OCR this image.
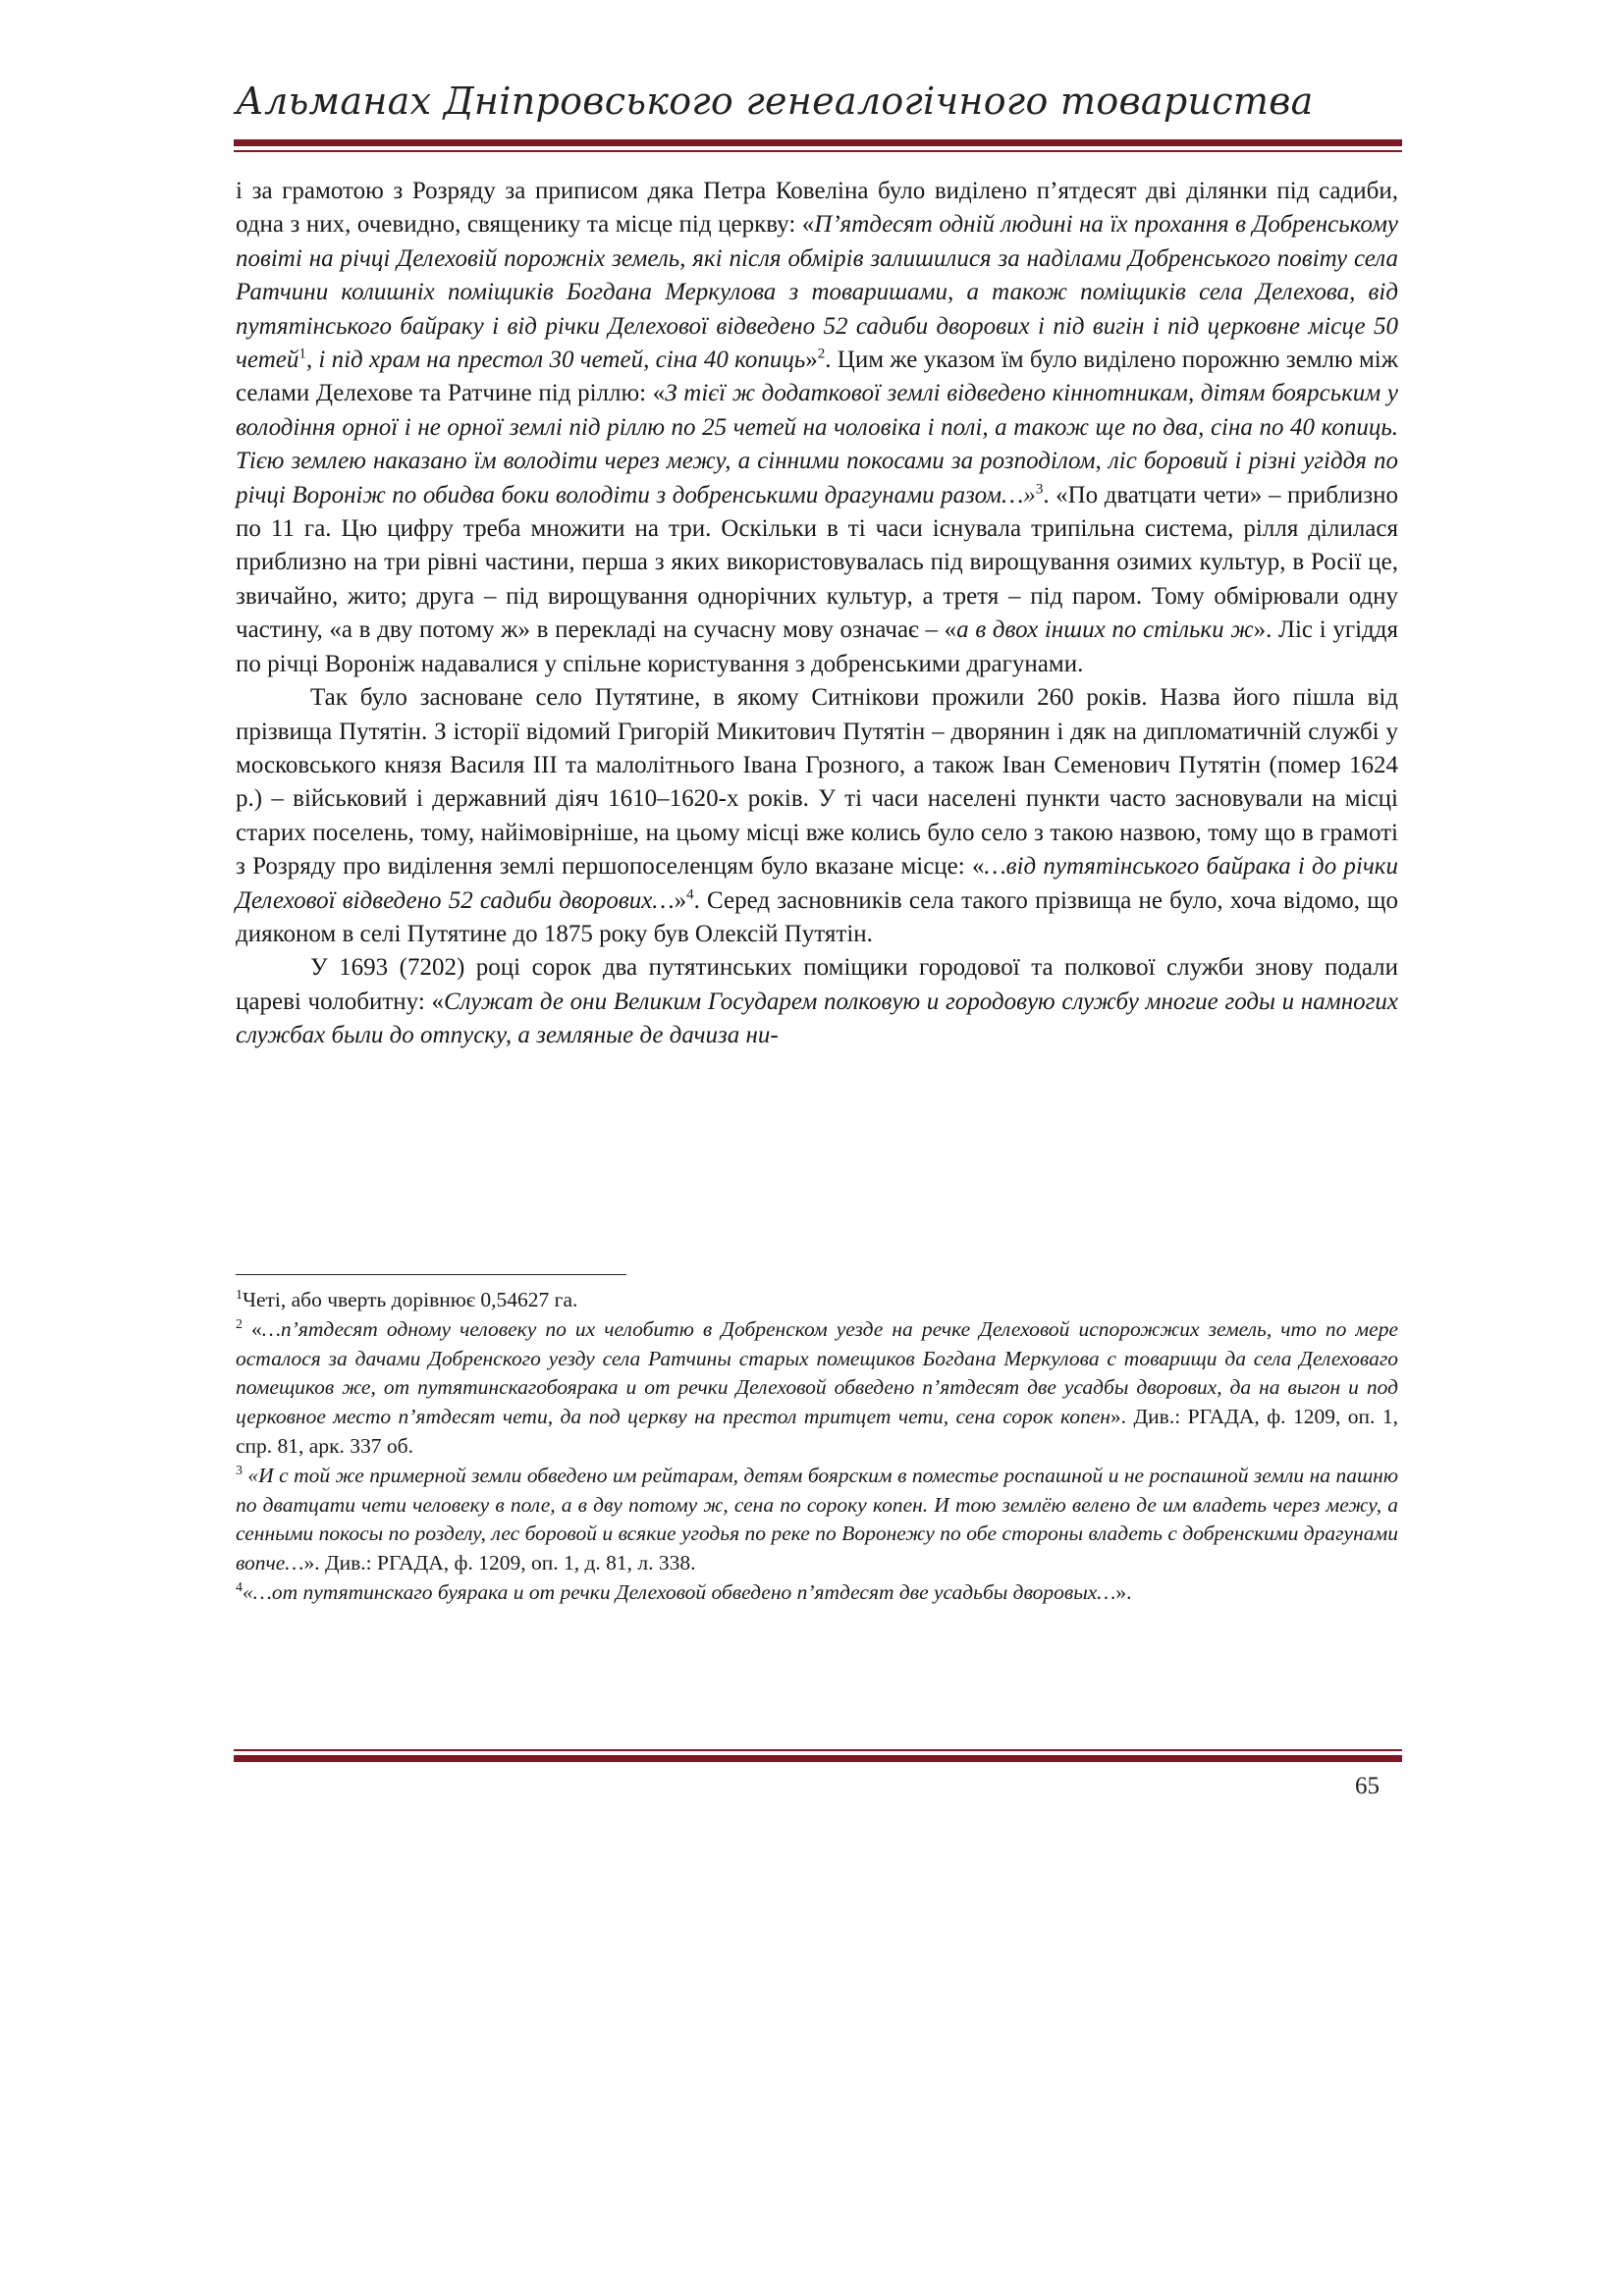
Альманах Дніпровського генеалогічного товариства

і за грамотою з Розряду за приписом дяка Петра Ковеліна було виділено п’ятдесят дві ділянки під садиби, одна з них, очевидно, священику та місце під церкву: «П’ятдесят одній людині на їх прохання в Добренському повіті на річці Делеховій порожніх земель, які після обмірів залишилися за наділами Добренського повіту села Ратчини колишніх поміщиків Богдана Меркулова з товаришами, а також поміщиків села Делехова, від путятінського байраку і від річки Делехової відведено 52 садиби дворових і під вигін і під церковне місце 50 четей$^1$, і під храм на престол 30 четей, сіна 40 копиць»$^2$. Цим же указом їм було виділено порожню землю між селами Делехове та Ратчине під ріллю: «З тієї ж додаткової землі відведено кіннотникам, дітям боярським у володіння орної і не орної землі під ріллю по 25 четей на чоловіка і полі, а також ще по два, сіна по 40 копиць. Тією землею наказано їм володіти через межу, а сінними покосами за розподілом, ліс боровий і різні угіддя по річці Вороніж по обидва боки володіти з добренськими драгунами разом…»$^3$. «По дватцати чети» – приблизно по 11 га. Цю цифру треба множити на три. Оскільки в ті часи існувала трипільна система, рілля ділилася приблизно на три рівні частини, перша з яких використовувалась під вирощування озимих культур, в Росії це, звичайно, жито; друга – під вирощування однорічних культур, а третя – під паром. Тому обмірювали одну частину, «а в дву потому ж» в перекладі на сучасну мову означає – «а в двох інших по стільки ж». Ліс і угіддя по річці Вороніж надавалися у спільне користування з добренськими драгунами.

Так було засноване село Путятине, в якому Ситнікови прожили 260 років. Назва його пішла від прізвища Путятін. З історії відомий Григорій Микитович Путятін – дворянин і дяк на дипломатичній службі у московського князя Василя ІІІ та малолітнього Івана Грозного, а також Іван Семенович Путятін (помер 1624 р.) – військовий і державний діяч 1610–1620-х років. У ті часи населені пункти часто засновували на місці старих поселень, тому, найімовірніше, на цьому місці вже колись було село з такою назвою, тому що в грамоті з Розряду про виділення землі першопоселенцям було вказане місце: «…від путятінського байрака і до річки Делехової відведено 52 садиби дворових…»$^4$. Серед засновників села такого прізвища не було, хоча відомо, що дияконом в селі Путятине до 1875 року був Олексій Путятін.

У 1693 (7202) році сорок два путятинських поміщики городової та полкової служби знову подали цареві чолобитну: «Служат де они Великим Государем полковую и городовую службу многие годы и намногих службах были до отпуску, а земляные де дачиза ни-

$^1$Четі, або чверть дорівнює 0,54627 га.

$^2$ «…п’ятдесят одному человеку по их челобитю в Добренском уезде на речке Делеховой испорожжих земель, что по мере осталося за дачами Добренского уезду села Ратчины старых помещиков Богдана Меркулова с товарищи да села Делеховаго помещиков же, от путятинскагобоярака и от речки Делеховой обведено п’ятдесят две усадбы дворових, да на выгон и под церковное место п’ятдесят чети, да под церкву на престол тритцет чети, сена сорок копен». Див.: РГАДА, ф. 1209, оп. 1, спр. 81, арк. 337 об.

$^3$ «И с той же примерной земли обведено им рейтарам, детям боярским в поместье роспашной и не роспашной земли на пашню по дватцати чети человеку в поле, а в дву потому ж, сена по сороку копен. И тою землёю велено де им владеть через межу, а сенными покосы по розделу, лес боровой и всякие угодья по реке по Воронежу по обе стороны владеть с добренскими драгунами вопче…». Див.: РГАДА, ф. 1209, оп. 1, д. 81, л. 338.

$^4$«…от путятинскаго буярака и от речки Делеховой обведено п’ятдесят две усадьбы дворовых…».

65
